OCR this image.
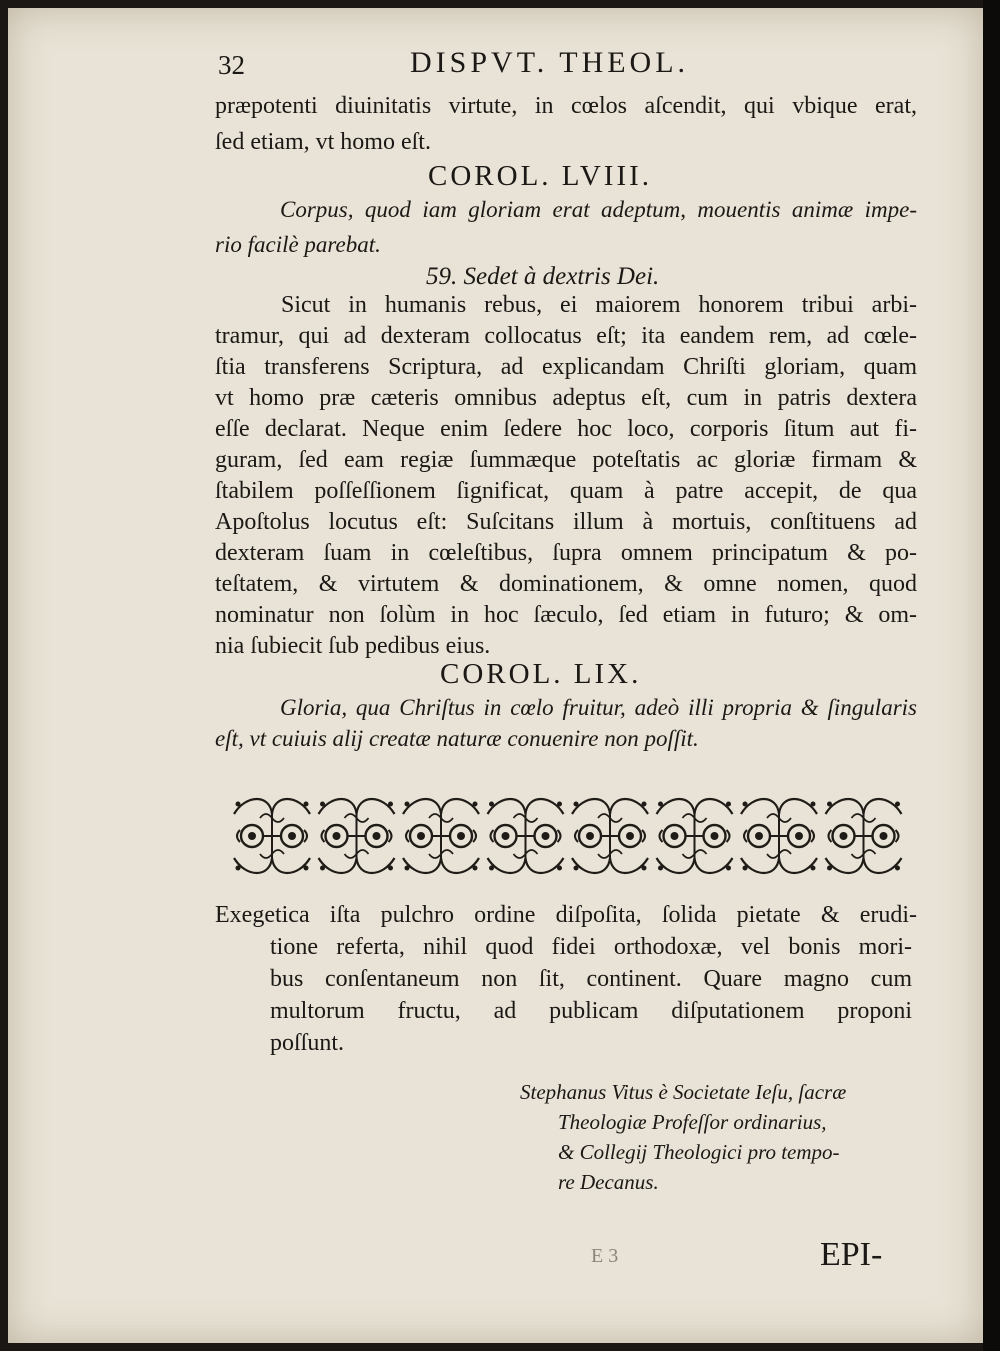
32	DISPVT. THEOL.
præpotenti diuinitatis virtute, in cœlos aſcendit, qui vbique erat,
ſed etiam, vt homo eſt.
COROL. LVIII.
Corpus, quod iam gloriam erat adeptum, mouentis animæ impe-
rio facilè parebat.
59. Sedet à dextris Dei.
Sicut in humanis rebus, ei maiorem honorem tribui arbi-
tramur, qui ad dexteram collocatus eſt; ita eandem rem, ad cœle-
ſtia transferens Scriptura, ad explicandam Chriſti gloriam, quam
vt homo præ cæteris omnibus adeptus eſt, cum in patris dextera
eſſe declarat. Neque enim ſedere hoc loco, corporis ſitum aut fi-
guram, ſed eam regiæ ſummæque poteſtatis ac gloriæ firmam &
ſtabilem poſſeſſionem ſignificat, quam à patre accepit, de qua
Apoſtolus locutus eſt: Suſcitans illum à mortuis, conſtituens ad
dexteram ſuam in cœleſtibus, ſupra omnem principatum & po-
teſtatem, & virtutem & dominationem, & omne nomen, quod
nominatur non ſolùm in hoc ſæculo, ſed etiam in futuro; & om-
nia ſubiecit ſub pedibus eius.
COROL. LIX.
Gloria, qua Chriſtus in cœlo fruitur, adeò illi propria & ſingularis
eſt, vt cuiuis alij creatæ naturæ conuenire non poſſit.
Exegetica iſta pulchro ordine diſpoſita, ſolida pietate & erudi-
tione referta, nihil quod fidei orthodoxæ, vel bonis mori-
bus conſentaneum non ſit, continent. Quare magno cum
multorum fructu, ad publicam diſputationem proponi
poſſunt.
Stephanus Vitus è Societate Ieſu, ſacræ
Theologiæ Profeſſor ordinarius,
& Collegij Theologici pro tempo-
re Decanus.
E 3	EPI-
